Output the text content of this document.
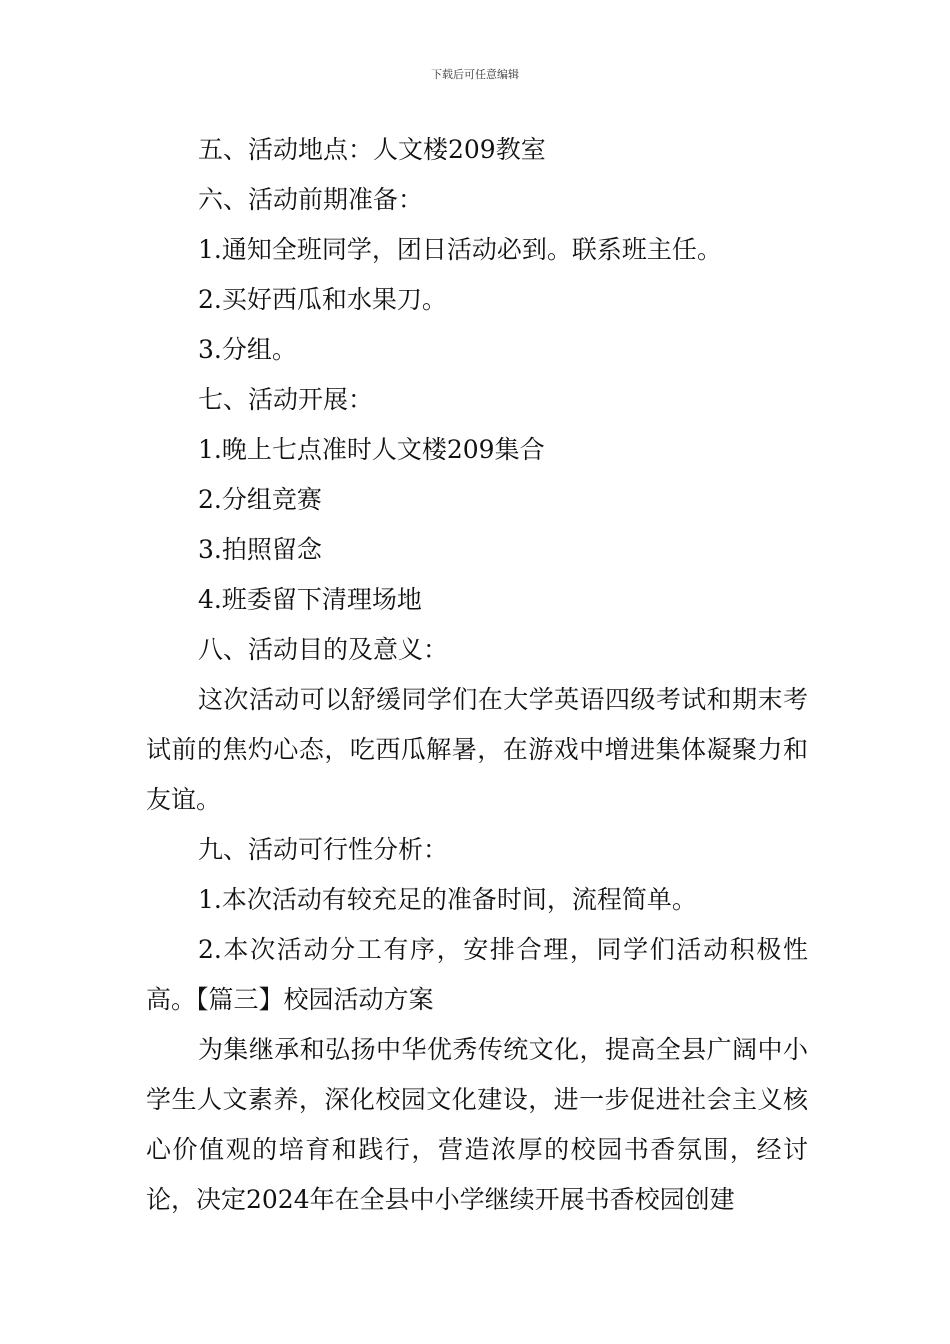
下载后可任意编辑

五、活动地点：人文楼209教室

六、活动前期准备：

1.通知全班同学，团日活动必到。联系班主任。

2.买好西瓜和水果刀。

3.分组。

七、活动开展：

1.晚上七点准时人文楼209集合

2.分组竞赛

3.拍照留念

4.班委留下清理场地

八、活动目的及意义：

这次活动可以舒缓同学们在大学英语四级考试和期末考试前的焦灼心态，吃西瓜解暑，在游戏中增进集体凝聚力和友谊。

九、活动可行性分析：

1.本次活动有较充足的准备时间，流程简单。

2.本次活动分工有序，安排合理，同学们活动积极性高。【篇三】校园活动方案

为集继承和弘扬中华优秀传统文化，提高全县广阔中小学生人文素养，深化校园文化建设，进一步促进社会主义核心价值观的培育和践行，营造浓厚的校园书香氛围，经讨论，决定2024年在全县中小学继续开展书香校园创建
